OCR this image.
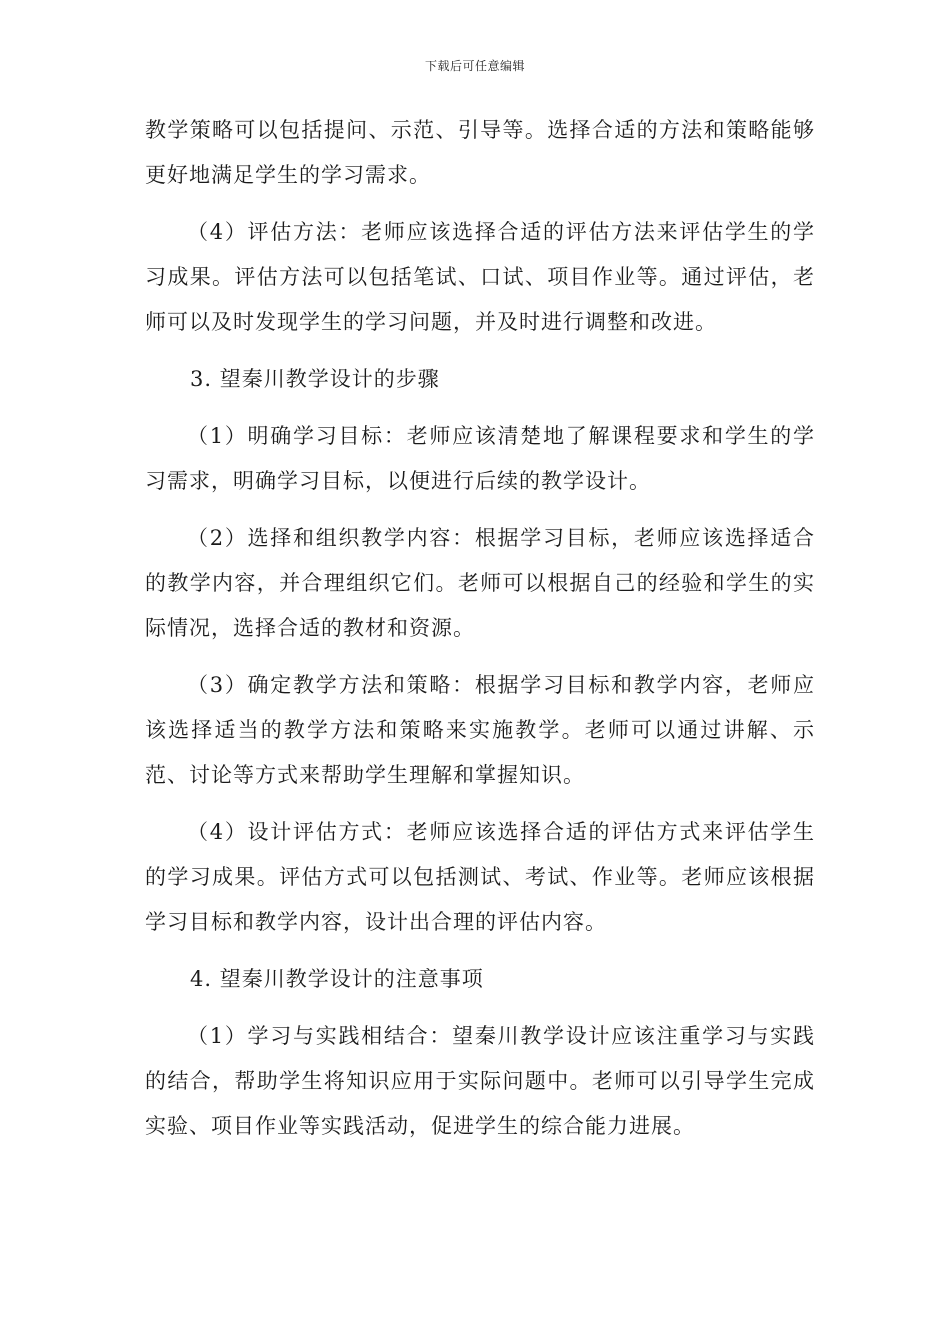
下载后可任意编辑

教学策略可以包括提问、示范、引导等。选择合适的方法和策略能够更好地满足学生的学习需求。

（4）评估方法：老师应该选择合适的评估方法来评估学生的学习成果。评估方法可以包括笔试、口试、项目作业等。通过评估，老师可以及时发现学生的学习问题，并及时进行调整和改进。

3. 望秦川教学设计的步骤

（1）明确学习目标：老师应该清楚地了解课程要求和学生的学习需求，明确学习目标，以便进行后续的教学设计。

（2）选择和组织教学内容：根据学习目标，老师应该选择适合的教学内容，并合理组织它们。老师可以根据自己的经验和学生的实际情况，选择合适的教材和资源。

（3）确定教学方法和策略：根据学习目标和教学内容，老师应该选择适当的教学方法和策略来实施教学。老师可以通过讲解、示范、讨论等方式来帮助学生理解和掌握知识。

（4）设计评估方式：老师应该选择合适的评估方式来评估学生的学习成果。评估方式可以包括测试、考试、作业等。老师应该根据学习目标和教学内容，设计出合理的评估内容。

4. 望秦川教学设计的注意事项

（1）学习与实践相结合：望秦川教学设计应该注重学习与实践的结合，帮助学生将知识应用于实际问题中。老师可以引导学生完成实验、项目作业等实践活动，促进学生的综合能力进展。
